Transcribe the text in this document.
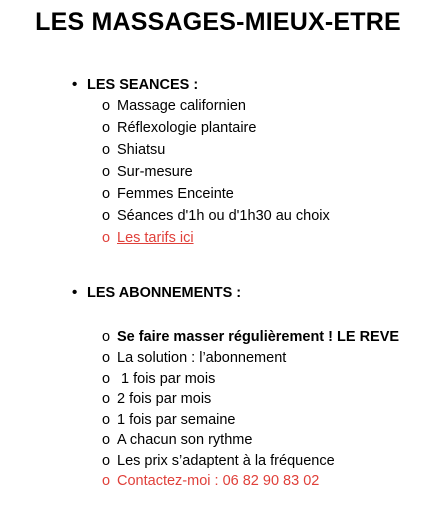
LES MASSAGES-MIEUX-ETRE
• LES SEANCES :
o Massage californien
o Réflexologie plantaire
o Shiatsu
o Sur-mesure
o Femmes Enceinte
o Séances d'1h ou d'1h30 au choix
o Les tarifs ici
• LES ABONNEMENTS :
o Se faire masser régulièrement ! LE REVE
o La solution : l’abonnement
o 1 fois par mois
o 2 fois par mois
o 1 fois par semaine
o A chacun son rythme
o Les prix s’adaptent à la fréquence
o Contactez-moi : 06 82 90 83 02
